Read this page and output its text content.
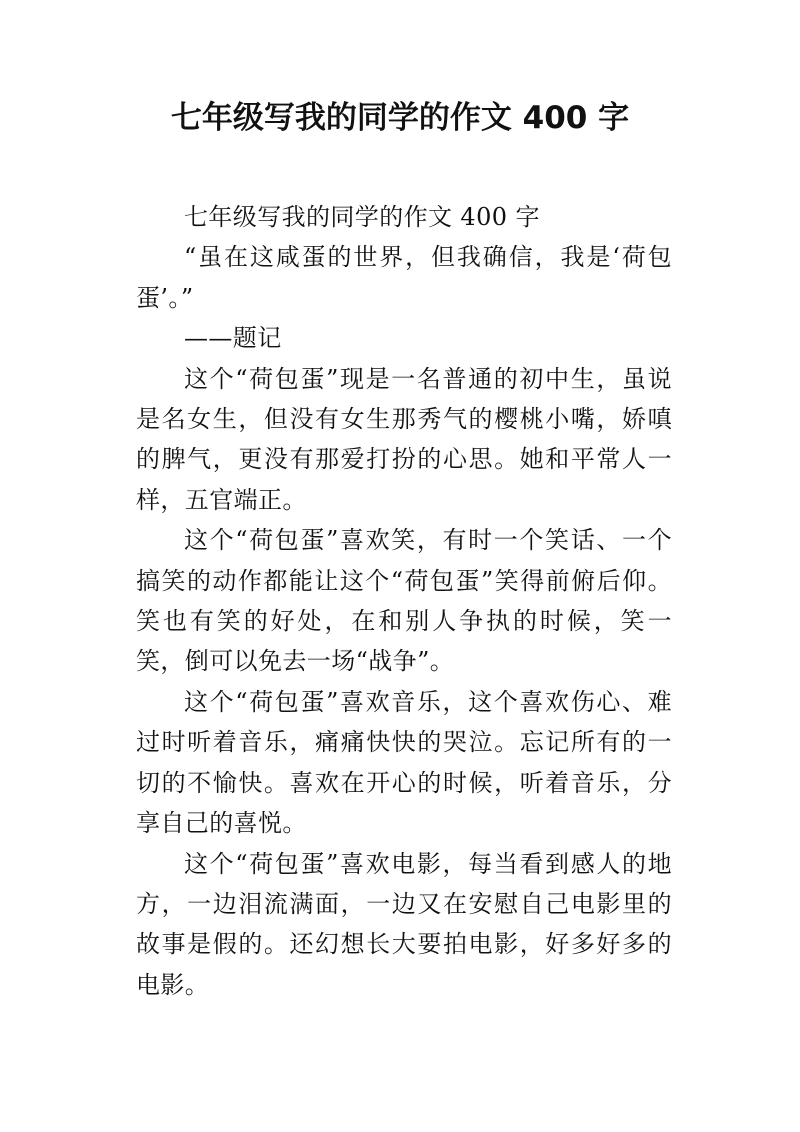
七年级写我的同学的作文 400 字

七年级写我的同学的作文 400 字

“虽在这咸蛋的世界，但我确信，我是‘荷包蛋’。”

——题记

这个“荷包蛋”现是一名普通的初中生，虽说是名女生，但没有女生那秀气的樱桃小嘴，娇嗔的脾气，更没有那爱打扮的心思。她和平常人一样，五官端正。

这个“荷包蛋”喜欢笑，有时一个笑话、一个搞笑的动作都能让这个“荷包蛋”笑得前俯后仰。笑也有笑的好处，在和别人争执的时候，笑一笑，倒可以免去一场“战争”。

这个“荷包蛋”喜欢音乐，这个喜欢伤心、难过时听着音乐，痛痛快快的哭泣。忘记所有的一切的不愉快。喜欢在开心的时候，听着音乐，分享自己的喜悦。

这个“荷包蛋”喜欢电影，每当看到感人的地方，一边泪流满面，一边又在安慰自己电影里的故事是假的。还幻想长大要拍电影，好多好多的电影。
